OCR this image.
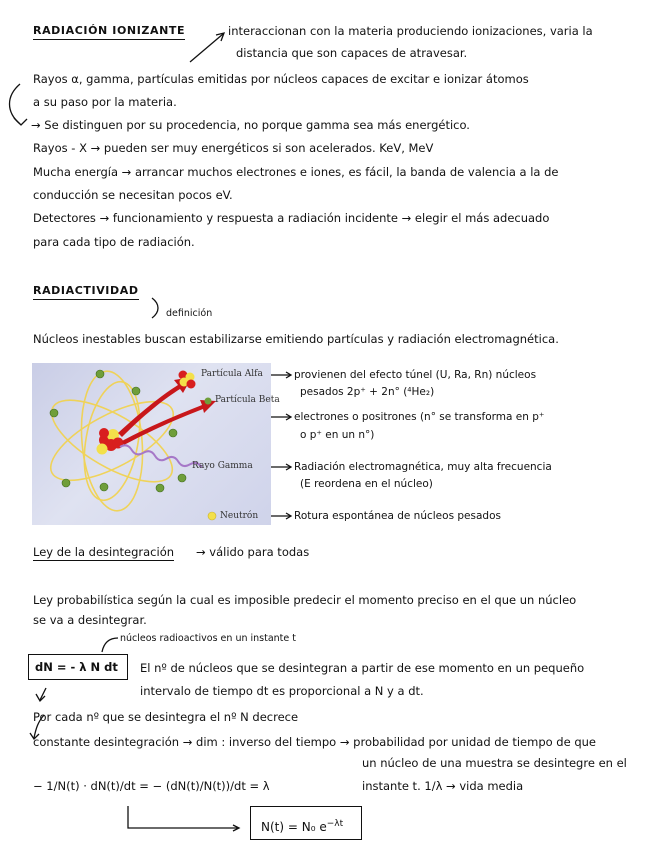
RADIACIÓN IONIZANTE	interaccionan con la materia produciendo ionizaciones, varia la
distancia que son capaces de atravesar.
Rayos α, gamma, partículas emitidas por núcleos capaces de excitar e ionizar átomos
a su paso por la materia.
→ Se distinguen por su procedencia, no porque gamma sea más energético.
Rayos - X → pueden ser muy energéticos si son acelerados. KeV, MeV
Mucha energía → arrancar muchos electrones e iones, es fácil, la banda de valencia a la de
conducción se necesitan pocos eV.
Detectores → funcionamiento y respuesta a radiación incidente → elegir el más adecuado
para cada tipo de radiación.
RADIACTIVIDAD
definición
Núcleos inestables buscan estabilizarse emitiendo partículas y radiación electromagnética.
Partícula Alfa
Partícula Beta
Rayo Gamma
Neutrón
provienen del efecto túnel (U, Ra, Rn) núcleos
pesados 2p⁺ + 2n° (⁴He₂)
electrones o positrones (n° se transforma en p⁺
o p⁺ en un n°)
Radiación electromagnética, muy alta frecuencia
(E reordena en el núcleo)
Rotura espontánea de núcleos pesados
Ley de la desintegración → válido para todas
Ley probabilística según la cual es imposible predecir el momento preciso en el que un núcleo
se va a desintegrar.
núcleos radioactivos en un instante t
dN = - λ N dt El nº de núcleos que se desintegran a partir de ese momento en un pequeño
intervalo de tiempo dt es proporcional a N y a dt.
Por cada nº que se desintegra el nº N decrece
constante desintegración → dim : inverso del tiempo → probabilidad por unidad de tiempo de que
un núcleo de una muestra se desintegre en el
instante t. 1/λ → vida media
− 1/N(t) · dN(t)/dt = − (dN(t)/N(t))/dt = λ
N(t) = N₀ $e^{-\lambda t}$
